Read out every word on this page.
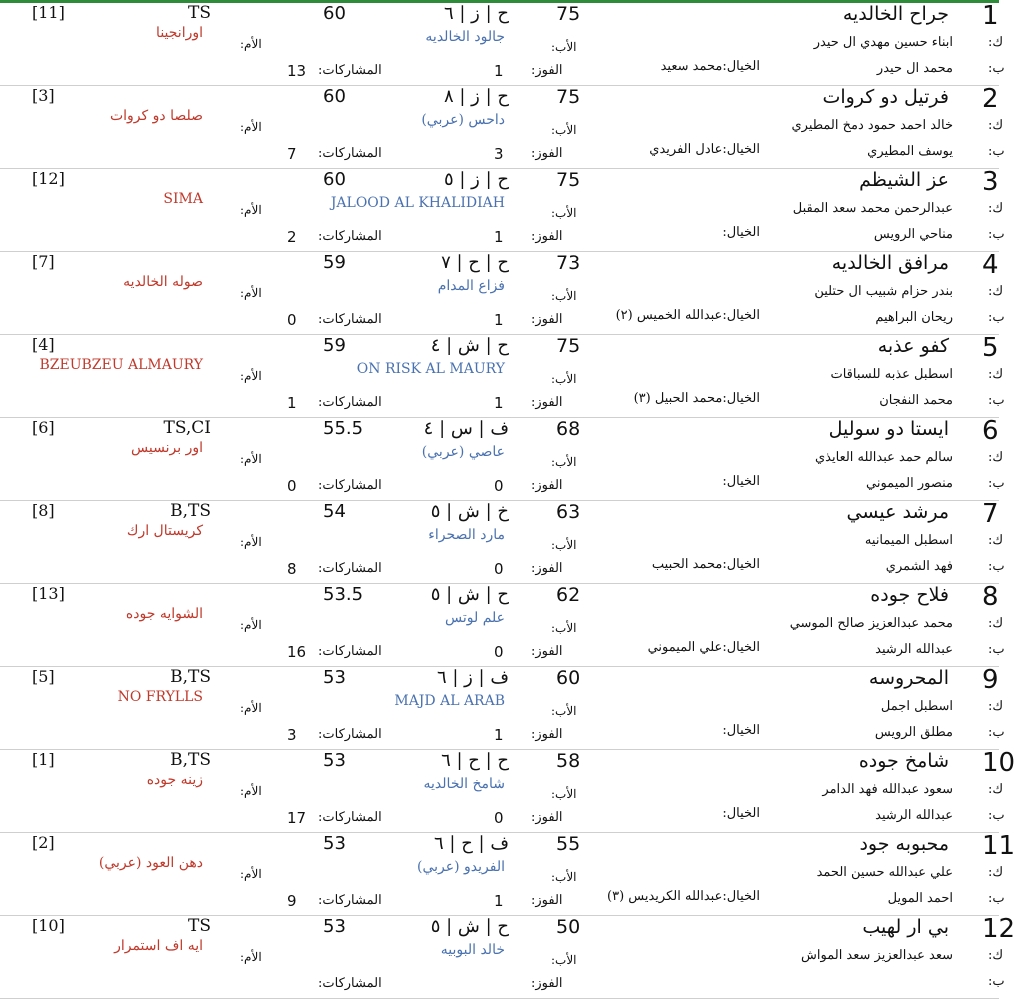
1
جراح الخالديه
ك:
ابناء حسين مهدي ال حيدر
ب:
محمد ال حيدر
75
الأب:
الفوز:
1
ح | ز | ٦
جالود الخالديه
الخيال:محمد سعيد
60
المشاركات:
13
الأم:
TS
اورانجينا
[11]
2
فرتيل دو كروات
ك:
خالد احمد حمود دمخ المطيري
ب:
يوسف المطيري
75
الأب:
الفوز:
3
ح | ز | ٨
داحس (عربي)
الخيال:عادل الفريدي
60
المشاركات:
7
الأم:
صلصا دو كروات
[3]
3
عز الشيظم
ك:
عبدالرحمن محمد سعد المقبل
ب:
مناحي الرويس
75
الأب:
الفوز:
1
ح | ز | ٥
JALOOD AL KHALIDIAH
الخيال:
60
المشاركات:
2
الأم:
SIMA
[12]
4
مرافق الخالديه
ك:
بندر حزام شبيب ال حتلين
ب:
ريحان البراهيم
73
الأب:
الفوز:
1
ح | ح | ٧
فزاع المدام
الخيال:عبدالله الخميس (٢)
59
المشاركات:
0
الأم:
صوله الخالديه
[7]
5
كفو عذبه
ك:
اسطبل عذبه للسباقات
ب:
محمد النفجان
75
الأب:
الفوز:
1
ح | ش | ٤
ON RISK AL MAURY
الخيال:محمد الحبيل (٣)
59
المشاركات:
1
الأم:
BZEUBZEU ALMAURY
[4]
6
ايستا دو سوليل
ك:
سالم حمد عبدالله العايذي
ب:
منصور الميموني
68
الأب:
الفوز:
0
ف | س | ٤
عاصي (عربي)
الخيال:
55.5
المشاركات:
0
الأم:
TS,CI
اور برنسيس
[6]
7
مرشد عيسي
ك:
اسطبل الميمانيه
ب:
فهد الشمري
63
الأب:
الفوز:
0
خ | ش | ٥
مارد الصحراء
الخيال:محمد الحبيب
54
المشاركات:
8
الأم:
B,TS
كريستال ارك
[8]
8
فلاح جوده
ك:
محمد عبدالعزيز صالح الموسي
ب:
عبدالله الرشيد
62
الأب:
الفوز:
0
ح | ش | ٥
علم لوتس
الخيال:علي الميموني
53.5
المشاركات:
16
الأم:
الشوايه جوده
[13]
9
المحروسه
ك:
اسطبل اجمل
ب:
مطلق الرويس
60
الأب:
الفوز:
1
ف | ز | ٦
MAJD AL ARAB
الخيال:
53
المشاركات:
3
الأم:
B,TS
NO FRYLLS
[5]
10
شامخ جوده
ك:
سعود عبدالله فهد الدامر
ب:
عبدالله الرشيد
58
الأب:
الفوز:
0
ح | ح | ٦
شامخ الخالديه
الخيال:
53
المشاركات:
17
الأم:
B,TS
زينه جوده
[1]
11
محبوبه جود
ك:
علي عبدالله حسين الحمد
ب:
احمد المويل
55
الأب:
الفوز:
1
ف | ح | ٦
الفريدو (عربي)
الخيال:عبدالله الكريديس (٣)
53
المشاركات:
9
الأم:
دهن العود (عربي)
[2]
12
بي ار لهيب
ك:
سعد عبدالعزيز سعد المواش
ب:
50
الأب:
الفوز:
ح | ش | ٥
خالد البوبيه
53
المشاركات:
الأم:
TS
ايه اف استمرار
[10]
